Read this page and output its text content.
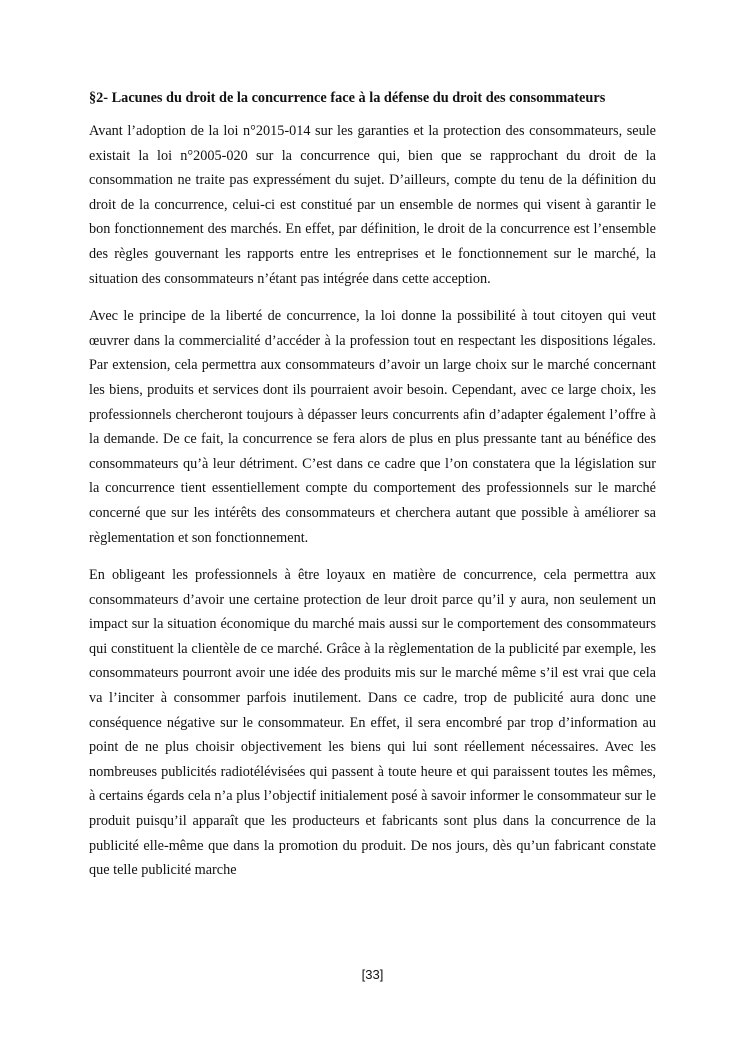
§2- Lacunes du droit de la concurrence face à la défense du droit des consommateurs

Avant l’adoption de la loi n°2015-014 sur les garanties et la protection des consommateurs, seule existait la loi n°2005-020 sur la concurrence qui, bien que se rapprochant du droit de la consommation ne traite pas expressément du sujet. D’ailleurs, compte du tenu de la définition du droit de la concurrence, celui-ci est constitué par un ensemble de normes qui visent à garantir le bon fonctionnement des marchés. En effet, par définition, le droit de la concurrence est l’ensemble des règles gouvernant les rapports entre les entreprises et le fonctionnement sur le marché, la situation des consommateurs n’étant pas intégrée dans cette acception.

Avec le principe de la liberté de concurrence, la loi donne la possibilité à tout citoyen qui veut œuvrer dans la commercialité d’accéder à la profession tout en respectant les dispositions légales. Par extension, cela permettra aux consommateurs d’avoir un large choix sur le marché concernant les biens, produits et services dont ils pourraient avoir besoin. Cependant, avec ce large choix, les professionnels chercheront toujours à dépasser leurs concurrents afin d’adapter également l’offre à la demande. De ce fait, la concurrence se fera alors de plus en plus pressante tant au bénéfice des consommateurs qu’à leur détriment. C’est dans ce cadre que l’on constatera que la législation sur la concurrence tient essentiellement compte du comportement des professionnels sur le marché concerné que sur les intérêts des consommateurs et cherchera autant que possible à améliorer sa règlementation et son fonctionnement.

En obligeant les professionnels à être loyaux en matière de concurrence, cela permettra aux consommateurs d’avoir une certaine protection de leur droit parce qu’il y aura, non seulement un impact sur la situation économique du marché mais aussi sur le comportement des consommateurs qui constituent la clientèle de ce marché. Grâce à la règlementation de la publicité par exemple, les consommateurs pourront avoir une idée des produits mis sur le marché même s’il est vrai que cela va l’inciter à consommer parfois inutilement. Dans ce cadre, trop de publicité aura donc une conséquence négative sur le consommateur. En effet, il sera encombré par trop d’information au point de ne plus choisir objectivement les biens qui lui sont réellement nécessaires. Avec les nombreuses publicités radiotélévisées qui passent à toute heure et qui paraissent toutes les mêmes, à certains égards cela n’a plus l’objectif initialement posé à savoir informer le consommateur sur le produit puisqu’il apparaît que les producteurs et fabricants sont plus dans la concurrence de la publicité elle-même que dans la promotion du produit. De nos jours, dès qu’un fabricant constate que telle publicité marche

[33]
